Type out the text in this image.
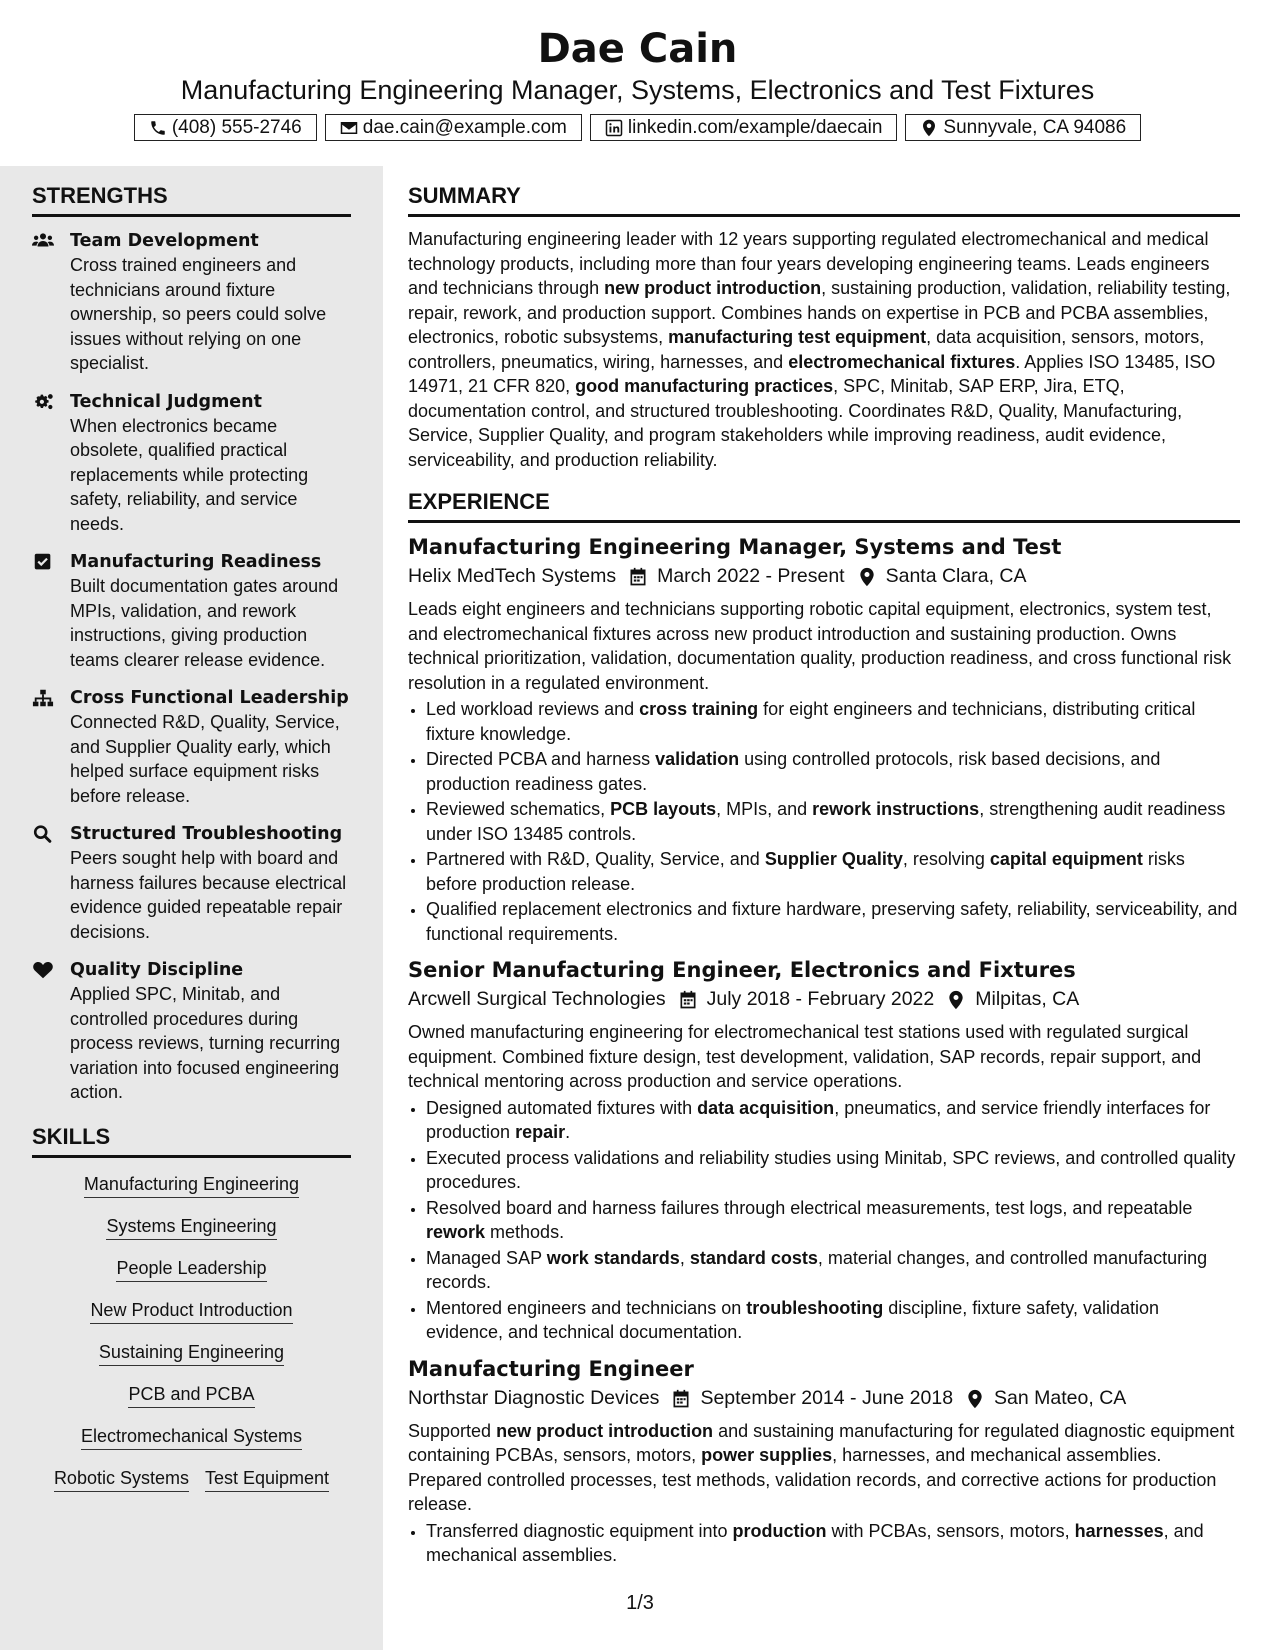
Dae Cain
Manufacturing Engineering Manager, Systems, Electronics and Test Fixtures
(408) 555-2746	dae.cain@example.com	linkedin.com/example/daecain	Sunnyvale, CA 94086
STRENGTHS
Team Development
Cross trained engineers and technicians around fixture ownership, so peers could solve issues without relying on one specialist.
Technical Judgment
When electronics became obsolete, qualified practical replacements while protecting safety, reliability, and service needs.
Manufacturing Readiness
Built documentation gates around MPIs, validation, and rework instructions, giving production teams clearer release evidence.
Cross Functional Leadership
Connected R&D, Quality, Service, and Supplier Quality early, which helped surface equipment risks before release.
Structured Troubleshooting
Peers sought help with board and harness failures because electrical evidence guided repeatable repair decisions.
Quality Discipline
Applied SPC, Minitab, and controlled procedures during process reviews, turning recurring variation into focused engineering action.
SKILLS
Manufacturing Engineering
Systems Engineering
People Leadership
New Product Introduction
Sustaining Engineering
PCB and PCBA
Electromechanical Systems
Robotic Systems Test Equipment
SUMMARY

Manufacturing engineering leader with 12 years supporting regulated electromechanical and medical technology products, including more than four years developing engineering teams. Leads engineers and technicians through new product introduction, sustaining production, validation, reliability testing, repair, rework, and production support. Combines hands on expertise in PCB and PCBA assemblies, electronics, robotic subsystems, manufacturing test equipment, data acquisition, sensors, motors, controllers, pneumatics, wiring, harnesses, and electromechanical fixtures. Applies ISO 13485, ISO 14971, 21 CFR 820, good manufacturing practices, SPC, Minitab, SAP ERP, Jira, ETQ, documentation control, and structured troubleshooting. Coordinates R&D, Quality, Manufacturing, Service, Supplier Quality, and program stakeholders while improving readiness, audit evidence, serviceability, and production reliability.

EXPERIENCE
Manufacturing Engineering Manager, Systems and Test
Helix MedTech Systems March 2022 - Present Santa Clara, CA

Leads eight engineers and technicians supporting robotic capital equipment, electronics, system test, and electromechanical fixtures across new product introduction and sustaining production. Owns technical prioritization, validation, documentation quality, production readiness, and cross functional risk resolution in a regulated environment.

• Led workload reviews and cross training for eight engineers and technicians, distributing critical fixture knowledge.
• Directed PCBA and harness validation using controlled protocols, risk based decisions, and production readiness gates.
• Reviewed schematics, PCB layouts, MPIs, and rework instructions, strengthening audit readiness under ISO 13485 controls.
• Partnered with R&D, Quality, Service, and Supplier Quality, resolving capital equipment risks before production release.
• Qualified replacement electronics and fixture hardware, preserving safety, reliability, serviceability, and functional requirements.
Senior Manufacturing Engineer, Electronics and Fixtures
Arcwell Surgical Technologies July 2018 - February 2022 Milpitas, CA

Owned manufacturing engineering for electromechanical test stations used with regulated surgical equipment. Combined fixture design, test development, validation, SAP records, repair support, and technical mentoring across production and service operations.

• Designed automated fixtures with data acquisition, pneumatics, and service friendly interfaces for production repair.
• Executed process validations and reliability studies using Minitab, SPC reviews, and controlled quality procedures.
• Resolved board and harness failures through electrical measurements, test logs, and repeatable rework methods.
• Managed SAP work standards, standard costs, material changes, and controlled manufacturing records.
• Mentored engineers and technicians on troubleshooting discipline, fixture safety, validation evidence, and technical documentation.
Manufacturing Engineer
Northstar Diagnostic Devices September 2014 - June 2018 San Mateo, CA

Supported new product introduction and sustaining manufacturing for regulated diagnostic equipment containing PCBAs, sensors, motors, power supplies, harnesses, and mechanical assemblies. Prepared controlled processes, test methods, validation records, and corrective actions for production release.

• Transferred diagnostic equipment into production with PCBAs, sensors, motors, harnesses, and mechanical assemblies.
1/3
